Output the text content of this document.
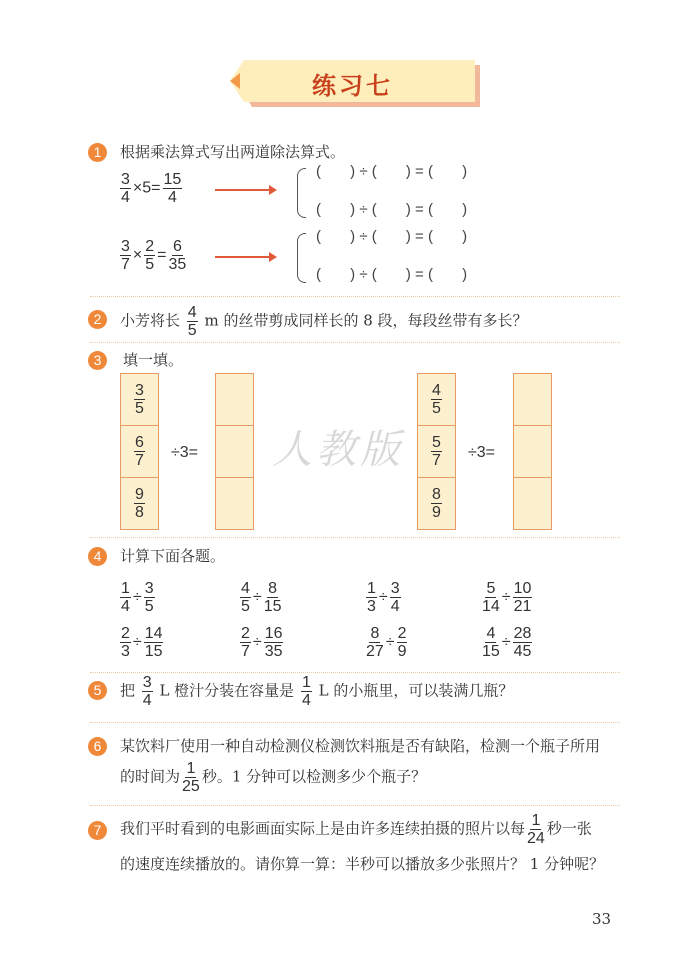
人教版
练习七
1	根据乘法算式写出两道除法算式。
$\frac{3}{4} \times 5= \frac{15}{4}$	(       ) ÷ (       ) = (       )
(       ) ÷ (       ) = (       )
$\frac{3}{7} \times \frac{2}{5} = \frac{6}{35}$
(       ) ÷ (       ) = (       )
(       ) ÷ (       ) = (       )
2	小芳将长 $\frac{4}{5}$ m 的丝带剪成同样长的 8 段，每段丝带有多长？
3	填一填。
$\frac{3}{5}$
$\frac{6}{7}$
$\frac{9}{8}$
÷3=
$\frac{4}{5}$
$\frac{5}{7}$
$\frac{8}{9}$
÷3=
4	计算下面各题。
$\frac{1}{4} \div \frac{3}{5}$	$\frac{4}{5} \div \frac{8}{15}$	$\frac{1}{3} \div \frac{3}{4}$	$\frac{5}{14} \div \frac{10}{21}$
$\frac{2}{3} \div \frac{14}{15}$	$\frac{2}{7} \div \frac{16}{35}$	$\frac{8}{27} \div \frac{2}{9}$	$\frac{4}{15} \div \frac{28}{45}$
5	把 $\frac{3}{4}$ L 橙汁分装在容量是 $\frac{1}{4}$ L 的小瓶里，可以装满几瓶？
6	某饮料厂使用一种自动检测仪检测饮料瓶是否有缺陷，检测一个瓶子所用
的时间为 $\frac{1}{25}$ 秒。1 分钟可以检测多少个瓶子？
7	我们平时看到的电影画面实际上是由许多连续拍摄的照片以每 $\frac{1}{24}$ 秒一张
的速度连续播放的。请你算一算：半秒可以播放多少张照片？ 1 分钟呢？
33
